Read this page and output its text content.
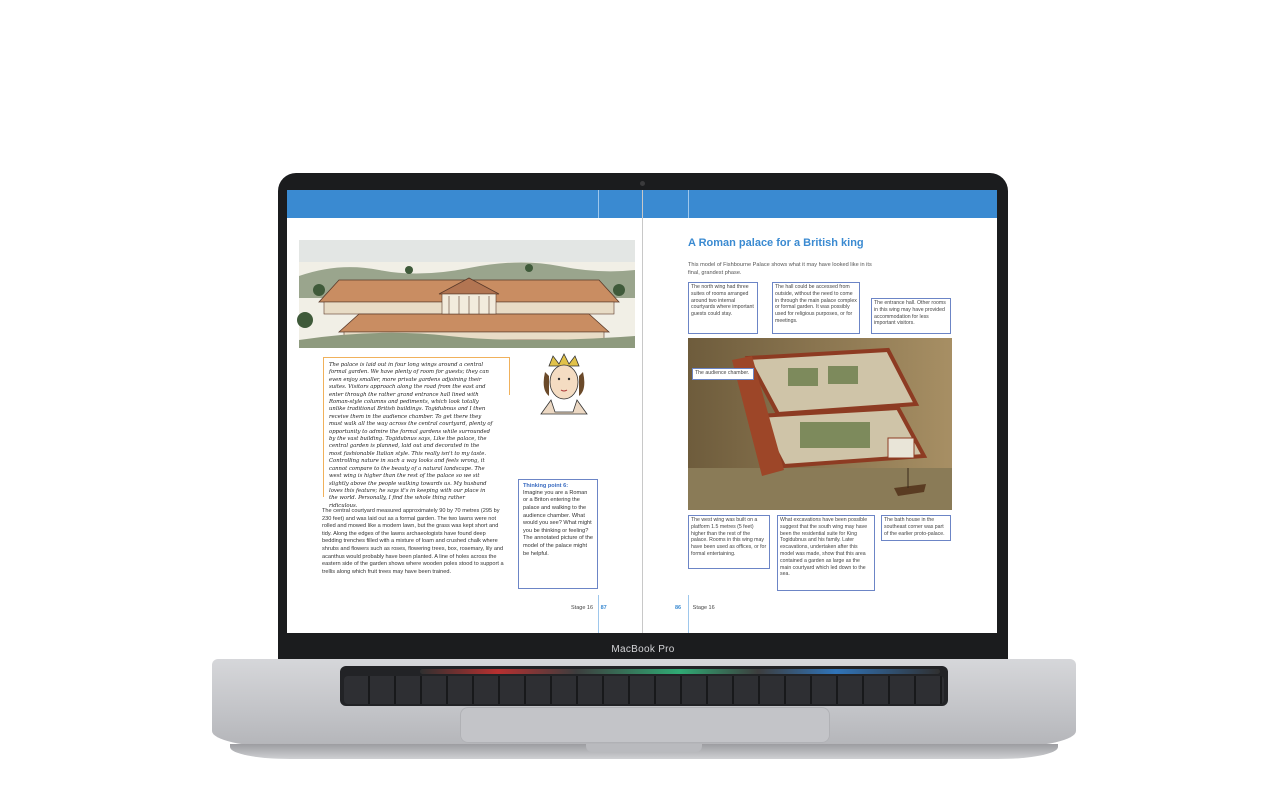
MacBook Pro
The palace is laid out in four long wings around a central formal garden. We have plenty of room for guests; they can even enjoy smaller, more private gardens adjoining their suites. Visitors approach along the road from the east and enter through the rather grand entrance hall lined with Roman-style columns and pediments, which look totally unlike traditional British buildings. Togidubnus and I then receive them in the audience chamber. To get there they must walk all the way across the central courtyard, plenty of opportunity to admire the formal gardens while surrounded by the vast building. Togidubnus says, Like the palace, the central garden is planned, laid out and decorated in the most fashionable Italian style. This really isn't to my taste. Controlling nature in such a way looks and feels wrong, it cannot compare to the beauty of a natural landscape. The west wing is higher than the rest of the palace so we sit slightly above the people walking towards us. My husband loves this feature; he says it's in keeping with our place in the world. Personally, I find the whole thing rather ridiculous.
The central courtyard measured approximately 90 by 70 metres (295 by 230 feet) and was laid out as a formal garden. The two lawns were not rolled and mowed like a modern lawn, but the grass was kept short and tidy. Along the edges of the lawns archaeologists have found deep bedding trenches filled with a mixture of loam and crushed chalk where shrubs and flowers such as roses, flowering trees, box, rosemary, lily and acanthus would probably have been planted. A line of holes across the eastern side of the garden shows where wooden poles stood to support a trellis along which fruit trees may have been trained.
Thinking point 6:
Imagine you are a Roman or a Briton entering the palace and walking to the audience chamber. What would you see? What might you be thinking or feeling? The annotated picture of the model of the palace might be helpful.
Stage 16 87
A Roman palace for a British king
This model of Fishbourne Palace shows what it may have looked like in its final, grandest phase.
The north wing had three suites of rooms arranged around two internal courtyards where important guests could stay.
The hall could be accessed from outside, without the need to come in through the main palace complex or formal garden. It was possibly used for religious purposes, or for meetings.
The entrance hall. Other rooms in this wing may have provided accommodation for less important visitors.
The audience chamber.
The west wing was built on a platform 1.5 metres (5 feet) higher than the rest of the palace. Rooms in this wing may have been used as offices, or for formal entertaining.
What excavations have been possible suggest that the south wing may have been the residential suite for King Togidubnus and his family. Later excavations, undertaken after this model was made, show that this area contained a garden as large as the main courtyard which led down to the sea.
The bath house in the southeast corner was part of the earlier proto-palace.
86 Stage 16
